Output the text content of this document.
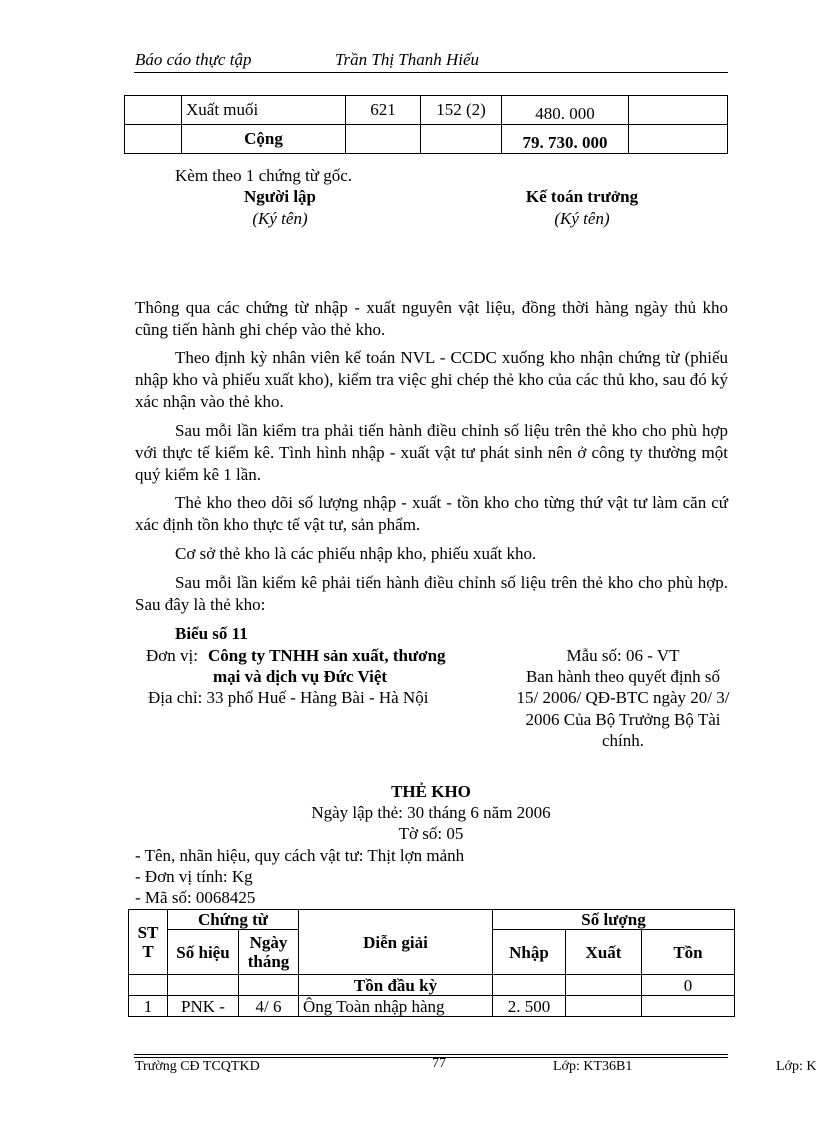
Báo cáo thực tập	Trần Thị Thanh Hiếu
	Xuất muối	621	152 (2)	480. 000	
	Cộng			79. 730. 000	
Kèm theo 1 chứng từ gốc.
Người lập
(Ký tên)
Kế toán trưởng
(Ký tên)
Thông qua các chứng từ nhập - xuất nguyên vật liệu, đồng thời hàng ngày thủ kho cũng tiến hành ghi chép vào thẻ kho.
Theo định kỳ nhân viên kế toán NVL - CCDC xuống kho nhận chứng từ (phiếu nhập kho và phiếu xuất kho), kiểm tra việc ghi chép thẻ kho của các thủ kho, sau đó ký xác nhận vào thẻ kho.
Sau mỗi lần kiểm tra phải tiến hành điều chỉnh số liệu trên thẻ kho cho phù hợp với thực tế kiểm kê. Tình hình nhập - xuất vật tư phát sinh nên ở công ty thường một quý kiểm kê 1 lần.
Thẻ kho theo dõi số lượng nhập - xuất - tồn kho cho từng thứ vật tư làm căn cứ xác định tồn kho thực tế vật tư, sản phẩm.
Cơ sở thẻ kho là các phiếu nhập kho, phiếu xuất kho.
Sau mỗi lần kiểm kê phải tiến hành điều chỉnh số liệu trên thẻ kho cho phù hợp. Sau đây là thẻ kho:
Biểu số 11
Đơn vị: Công ty TNHH sản xuất, thương
mại và dịch vụ Đức Việt
Địa chỉ: 33 phố Huế - Hàng Bài - Hà Nội
Mẫu số: 06 - VT
Ban hành theo quyết định số
15/ 2006/ QĐ-BTC ngày 20/ 3/
2006 Của Bộ Trưởng Bộ Tài
chính.
THẺ KHO
Ngày lập thẻ: 30 tháng 6 năm 2006
Tờ số: 05
- Tên, nhãn hiệu, quy cách vật tư: Thịt lợn mảnh
- Đơn vị tính: Kg
- Mã số: 0068425
ST T	Chứng từ		Diễn giải	Số lượng		
	Số hiệu	Ngày tháng		Nhập	Xuất	Tồn
			Tồn đầu kỳ			0
1	PNK -	4/ 6	Ông Toàn nhập hàng	2. 500		
Trường CĐ TCQTKD	77	Lớp: KT36B1	Lớp: K
